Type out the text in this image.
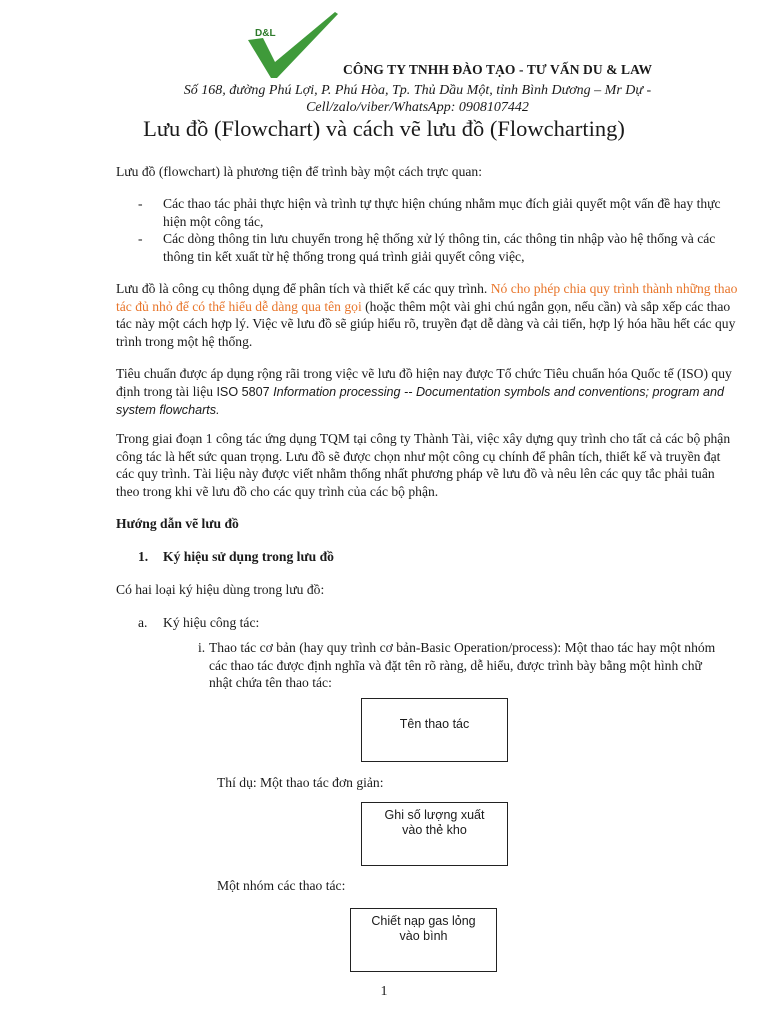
D&L
CÔNG TY TNHH ĐÀO TẠO - TƯ VẤN DU & LAW
Số 168, đường Phú Lợi, P. Phú Hòa, Tp. Thủ Dầu Một, tỉnh Bình Dương – Mr Dự - Cell/zalo/viber/WhatsApp: 0908107442
Lưu đồ (Flowchart) và cách vẽ lưu đồ (Flowcharting)

Lưu đồ (flowchart) là phương tiện để trình bày một cách trực quan:

-	Các thao tác phải thực hiện và trình tự thực hiện chúng nhằm mục đích giải quyết một vấn đề hay thực hiện một công tác,
-	Các dòng thông tin lưu chuyển trong hệ thống xử lý thông tin, các thông tin nhập vào hệ thống và các thông tin kết xuất từ hệ thống trong quá trình giải quyết công việc,

Lưu đồ là công cụ thông dụng để phân tích và thiết kế các quy trình. Nó cho phép chia quy trình thành những thao tác đủ nhỏ để có thể hiểu dễ dàng qua tên gọi (hoặc thêm một vài ghi chú ngắn gọn, nếu cần) và sắp xếp các thao tác này một cách hợp lý. Việc vẽ lưu đồ sẽ giúp hiểu rõ, truyền đạt dễ dàng và cải tiến, hợp lý hóa hầu hết các quy trình trong một hệ thống.

Tiêu chuẩn được áp dụng rộng rãi trong việc vẽ lưu đồ hiện nay được Tổ chức Tiêu chuẩn hóa Quốc tế (ISO) quy định trong tài liệu ISO 5807 Information processing -- Documentation symbols and conventions; program and system flowcharts.

Trong giai đoạn 1 công tác ứng dụng TQM tại công ty Thành Tài, việc xây dựng quy trình cho tất cả các bộ phận công tác là hết sức quan trọng. Lưu đồ sẽ được chọn như một công cụ chính để phân tích, thiết kế và truyền đạt các quy trình. Tài liệu này được viết nhằm thống nhất phương pháp vẽ lưu đồ và nêu lên các quy tắc phải tuân theo trong khi vẽ lưu đồ cho các quy trình của các bộ phận.

Hướng dẫn vẽ lưu đồ

1. Ký hiệu sử dụng trong lưu đồ

Có hai loại ký hiệu dùng trong lưu đồ:

a. Ký hiệu công tác:
i. Thao tác cơ bản (hay quy trình cơ bản-Basic Operation/process): Một thao tác hay một nhóm các thao tác được định nghĩa và đặt tên rõ ràng, dễ hiểu, được trình bày bằng một hình chữ nhật chứa tên thao tác:
Tên thao tác

Thí dụ: Một thao tác đơn giản:

Ghi số lượng xuất vào thẻ kho

Một nhóm các thao tác:

Chiết nạp gas lỏng vào bình
1
